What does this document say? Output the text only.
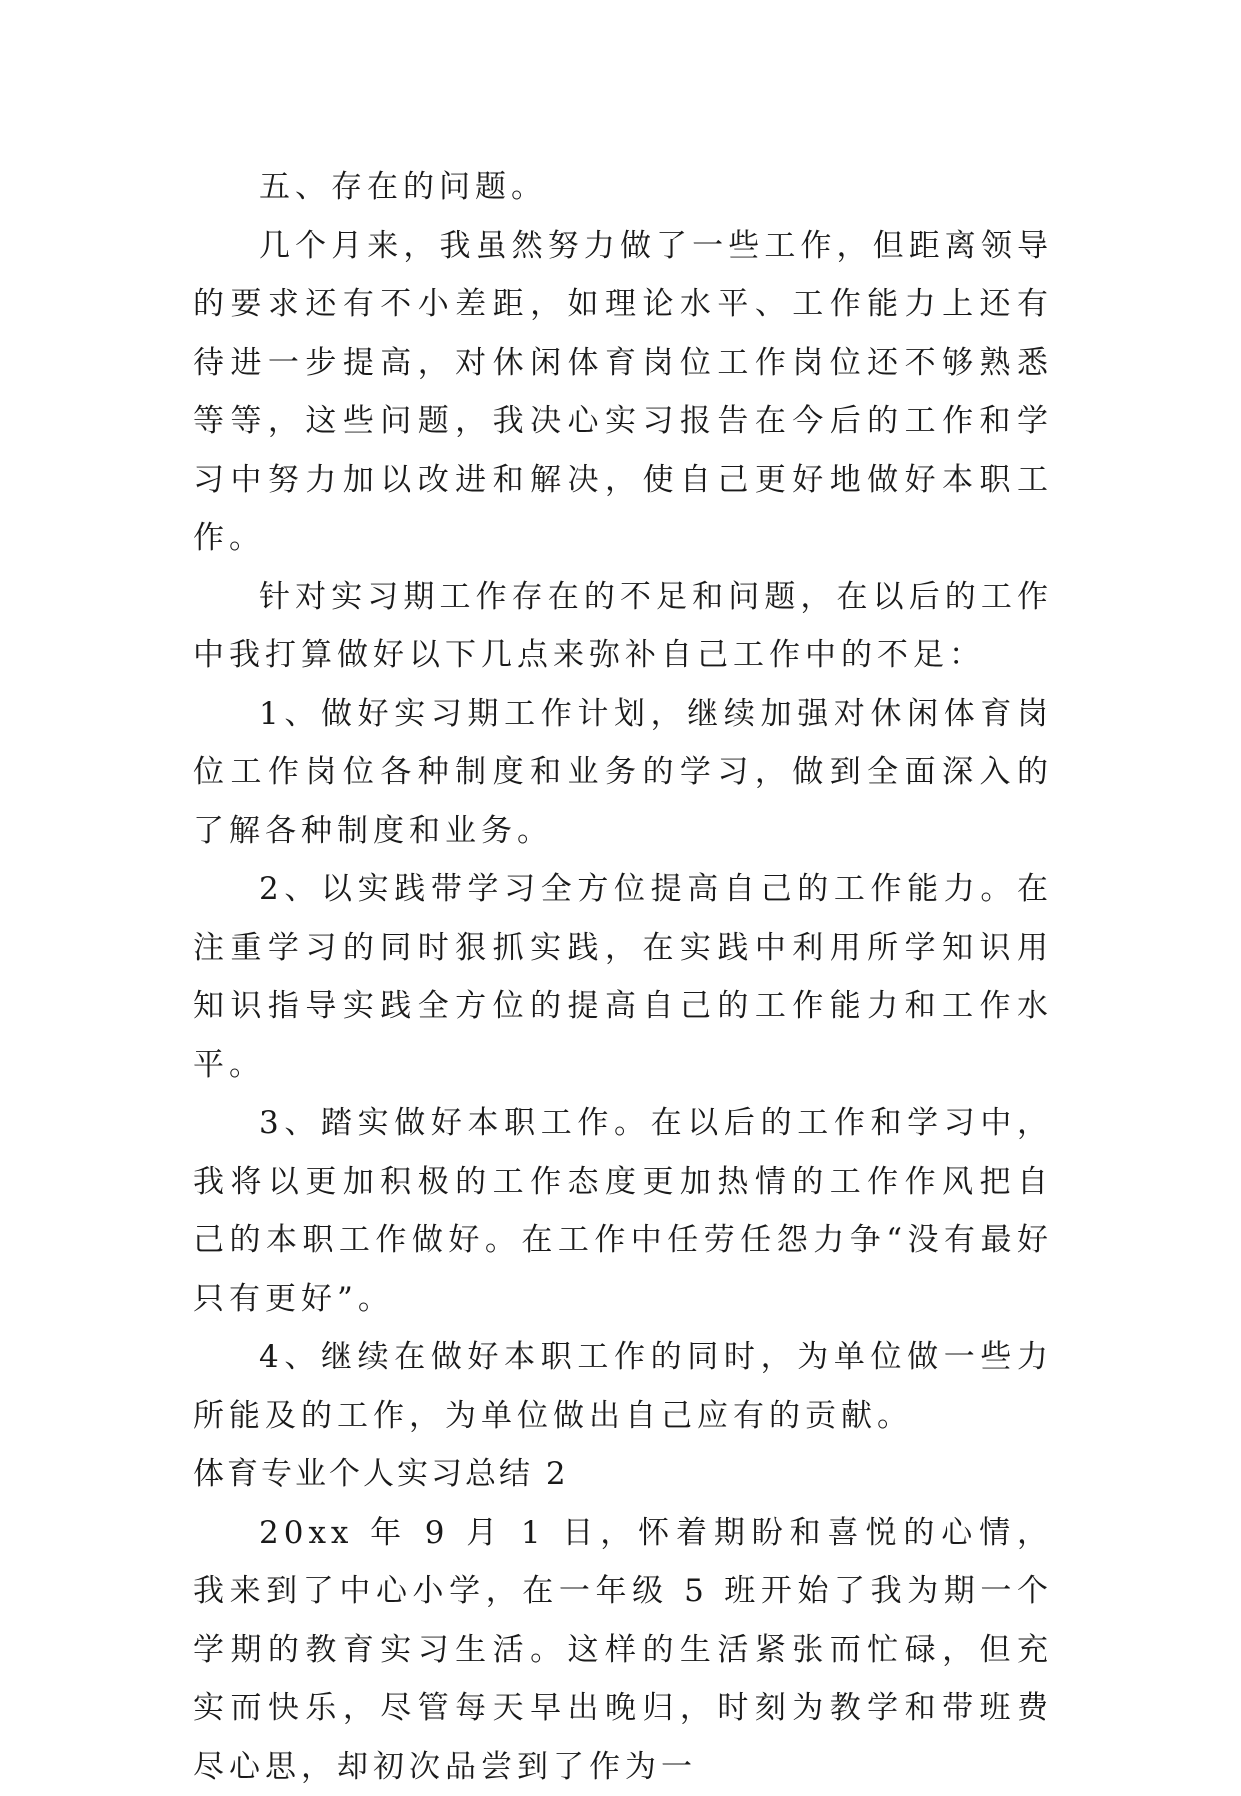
五、存在的问题。

几个月来，我虽然努力做了一些工作，但距离领导的要求还有不小差距，如理论水平、工作能力上还有待进一步提高，对休闲体育岗位工作岗位还不够熟悉等等，这些问题，我决心实习报告在今后的工作和学习中努力加以改进和解决，使自己更好地做好本职工作。

针对实习期工作存在的不足和问题，在以后的工作中我打算做好以下几点来弥补自己工作中的不足：

1、做好实习期工作计划，继续加强对休闲体育岗位工作岗位各种制度和业务的学习，做到全面深入的了解各种制度和业务。

2、以实践带学习全方位提高自己的工作能力。在注重学习的同时狠抓实践，在实践中利用所学知识用知识指导实践全方位的提高自己的工作能力和工作水平。

3、踏实做好本职工作。在以后的工作和学习中，我将以更加积极的工作态度更加热情的工作作风把自己的本职工作做好。在工作中任劳任怨力争“没有最好只有更好”。

4、继续在做好本职工作的同时，为单位做一些力所能及的工作，为单位做出自己应有的贡献。

体育专业个人实习总结 2

20xx 年 9 月 1 日，怀着期盼和喜悦的心情，我来到了中心小学，在一年级 5 班开始了我为期一个学期的教育实习生活。这样的生活紧张而忙碌，但充实而快乐，尽管每天早出晚归，时刻为教学和带班费尽心思，却初次品尝到了作为一
